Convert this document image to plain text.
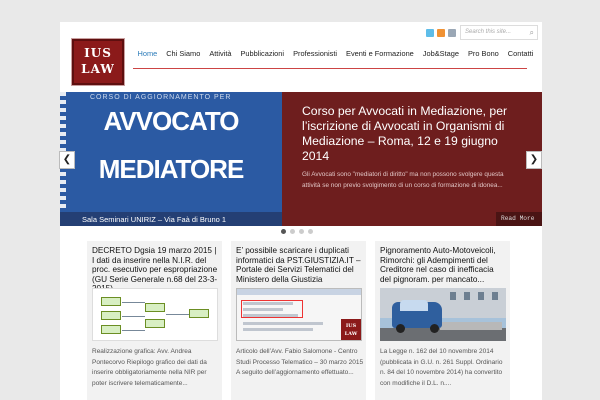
IUS
LAW
Search this site... ⌕
Home	Chi Siamo	Attività	Pubblicazioni	Professionisti	Eventi e Formazione	Job&Stage	Pro Bono	Contatti
CORSO DI AGGIORNAMENTO PER
AVVOCATO
MEDIATORE
Sala Seminari UNIRIZ – Via Faà di Bruno 1
Corso per Avvocati in Mediazione, per l’iscrizione di Avvocati in Organismi di Mediazione – Roma, 12 e 19 giugno 2014

Gli Avvocati sono "mediatori di diritto" ma non possono svolgere questa attività se non previo svolgimento di un corso di formazione di idonea...

Read More
❮	❯
DECRETO Dgsia 19 marzo 2015 | I dati da inserire nella N.I.R. del proc. esecutivo per espropriazione (GU Serie Generale n.68 del 23-3-

Realizzazione grafica: Avv. Andrea Pontecorvo Riepilogo grafico dei dati da inserire obbligatoriamente nella NIR per poter iscrivere telematicamente...

E’ possibile scaricare i duplicati informatici da PST.GIUSTIZIA.IT – Portale dei Servizi Telematici del Ministero della Giustizia
IUS LAW

Articolo dell’Avv. Fabio Salomone - Centro Studi Processo Telematico – 30 marzo 2015 A seguito dell’aggiornamento effettuato...

Pignoramento Auto-Motoveicoli, Rimorchi: gli Adempimenti del Creditore nel caso di inefficacia del pignoram. per mancato...

La Legge n. 162 del 10 novembre 2014 (pubblicata in G.U. n. 261 Suppl. Ordinario n. 84 del 10 novembre 2014) ha convertito con modifiche il D.L. n....
